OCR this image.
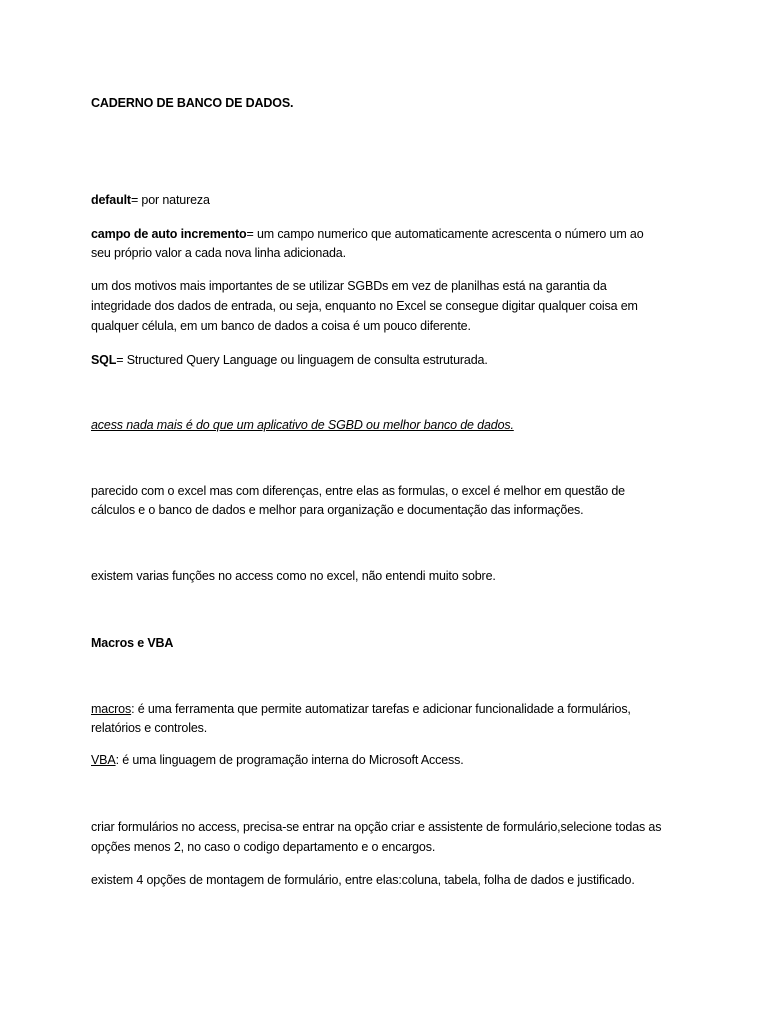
CADERNO DE BANCO DE DADOS.
default= por natureza
campo de auto incremento= um campo numerico que automaticamente acrescenta o número um ao
seu próprio valor a cada nova linha adicionada.
um dos motivos mais importantes de se utilizar SGBDs em vez de planilhas está na garantia da
integridade dos dados de entrada, ou seja, enquanto no Excel se consegue digitar qualquer coisa em
qualquer célula, em um banco de dados a coisa é um pouco diferente.
SQL= Structured Query Language ou linguagem de consulta estruturada.
acess nada mais é do que um aplicativo de SGBD ou melhor banco de dados.
parecido com o excel mas com diferenças, entre elas as formulas, o excel é melhor em questão de
cálculos e o banco de dados e melhor para organização e documentação das informações.
existem varias funções no access como no excel, não entendi muito sobre.
Macros e VBA
macros: é uma ferramenta que permite automatizar tarefas e adicionar funcionalidade a formulários,
relatórios e controles.
VBA: é uma linguagem de programação interna do Microsoft Access.
criar formulários no access, precisa-se entrar na opção criar e assistente de formulário,selecione todas as
opções menos 2, no caso o codigo departamento e o encargos.
existem 4 opções de montagem de formulário, entre elas:coluna, tabela, folha de dados e justificado.
